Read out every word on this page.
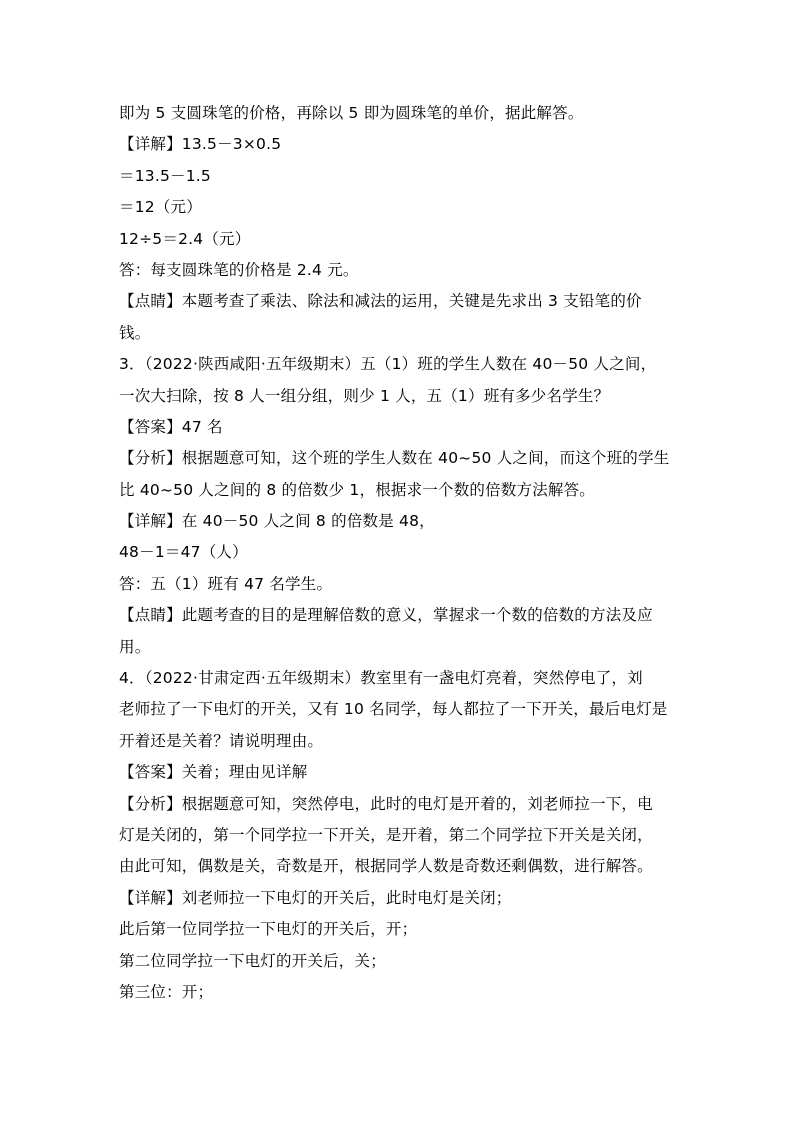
即为 5 支圆珠笔的价格，再除以 5 即为圆珠笔的单价，据此解答。
【详解】13.5－3×0.5
＝13.5－1.5
＝12（元）
12÷5＝2.4（元）
答：每支圆珠笔的价格是 2.4 元。
【点睛】本题考查了乘法、除法和减法的运用，关键是先求出 3 支铅笔的价
钱。
3．（2022·陕西咸阳·五年级期末）五（1）班的学生人数在 40－50 人之间，
一次大扫除，按 8 人一组分组，则少 1 人，五（1）班有多少名学生？
【答案】47 名
【分析】根据题意可知，这个班的学生人数在 40~50 人之间，而这个班的学生
比 40~50 人之间的 8 的倍数少 1，根据求一个数的倍数方法解答。
【详解】在 40－50 人之间 8 的倍数是 48，
48－1＝47（人）
答：五（1）班有 47 名学生。
【点睛】此题考查的目的是理解倍数的意义，掌握求一个数的倍数的方法及应
用。
4．（2022·甘肃定西·五年级期末）教室里有一盏电灯亮着，突然停电了，刘
老师拉了一下电灯的开关，又有 10 名同学，每人都拉了一下开关，最后电灯是
开着还是关着？请说明理由。
【答案】关着；理由见详解
【分析】根据题意可知，突然停电，此时的电灯是开着的，刘老师拉一下，电
灯是关闭的，第一个同学拉一下开关，是开着，第二个同学拉下开关是关闭，
由此可知，偶数是关，奇数是开，根据同学人数是奇数还剩偶数，进行解答。
【详解】刘老师拉一下电灯的开关后，此时电灯是关闭；
此后第一位同学拉一下电灯的开关后，开；
第二位同学拉一下电灯的开关后，关；
第三位：开；
